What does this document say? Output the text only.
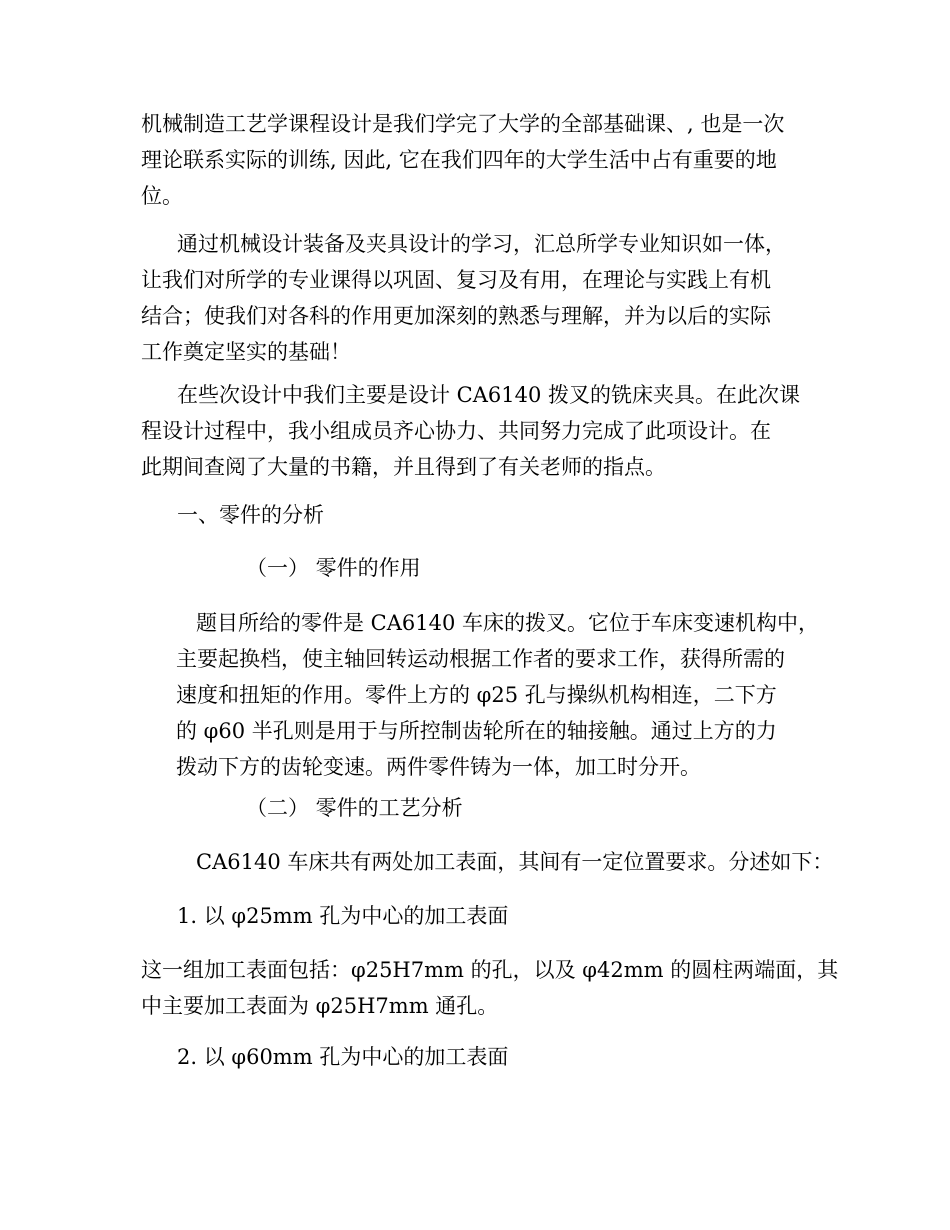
机械制造工艺学课程设计是我们学完了大学的全部基础课、, 也是一次
理论联系实际的训练, 因此, 它在我们四年的大学生活中占有重要的地
位。
通过机械设计装备及夹具设计的学习，汇总所学专业知识如一体，
让我们对所学的专业课得以巩固、复习及有用，在理论与实践上有机
结合；使我们对各科的作用更加深刻的熟悉与理解，并为以后的实际
工作奠定坚实的基础！
在些次设计中我们主要是设计 CA6140 拨叉的铣床夹具。在此次课
程设计过程中，我小组成员齐心协力、共同努力完成了此项设计。在
此期间查阅了大量的书籍，并且得到了有关老师的指点。
一、零件的分析
（一） 零件的作用
题目所给的零件是 CA6140 车床的拨叉。它位于车床变速机构中，
主要起换档，使主轴回转运动根据工作者的要求工作，获得所需的
速度和扭矩的作用。零件上方的 φ25 孔与操纵机构相连，二下方
的 φ60 半孔则是用于与所控制齿轮所在的轴接触。通过上方的力
拨动下方的齿轮变速。两件零件铸为一体，加工时分开。
（二） 零件的工艺分析
CA6140 车床共有两处加工表面，其间有一定位置要求。分述如下：
1. 以 φ25mm 孔为中心的加工表面
这一组加工表面包括：φ25H7mm 的孔，以及 φ42mm 的圆柱两端面，其
中主要加工表面为 φ25H7mm 通孔。
2. 以 φ60mm 孔为中心的加工表面
